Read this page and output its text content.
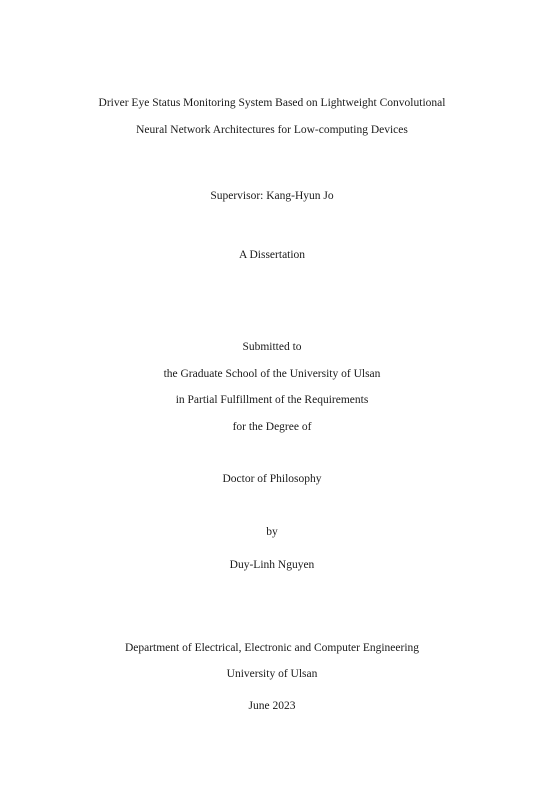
Driver Eye Status Monitoring System Based on Lightweight Convolutional
Neural Network Architectures for Low-computing Devices
Supervisor: Kang-Hyun Jo
A Dissertation
Submitted to
the Graduate School of the University of Ulsan
in Partial Fulfillment of the Requirements
for the Degree of
Doctor of Philosophy
by
Duy-Linh Nguyen
Department of Electrical, Electronic and Computer Engineering
University of Ulsan
June 2023
